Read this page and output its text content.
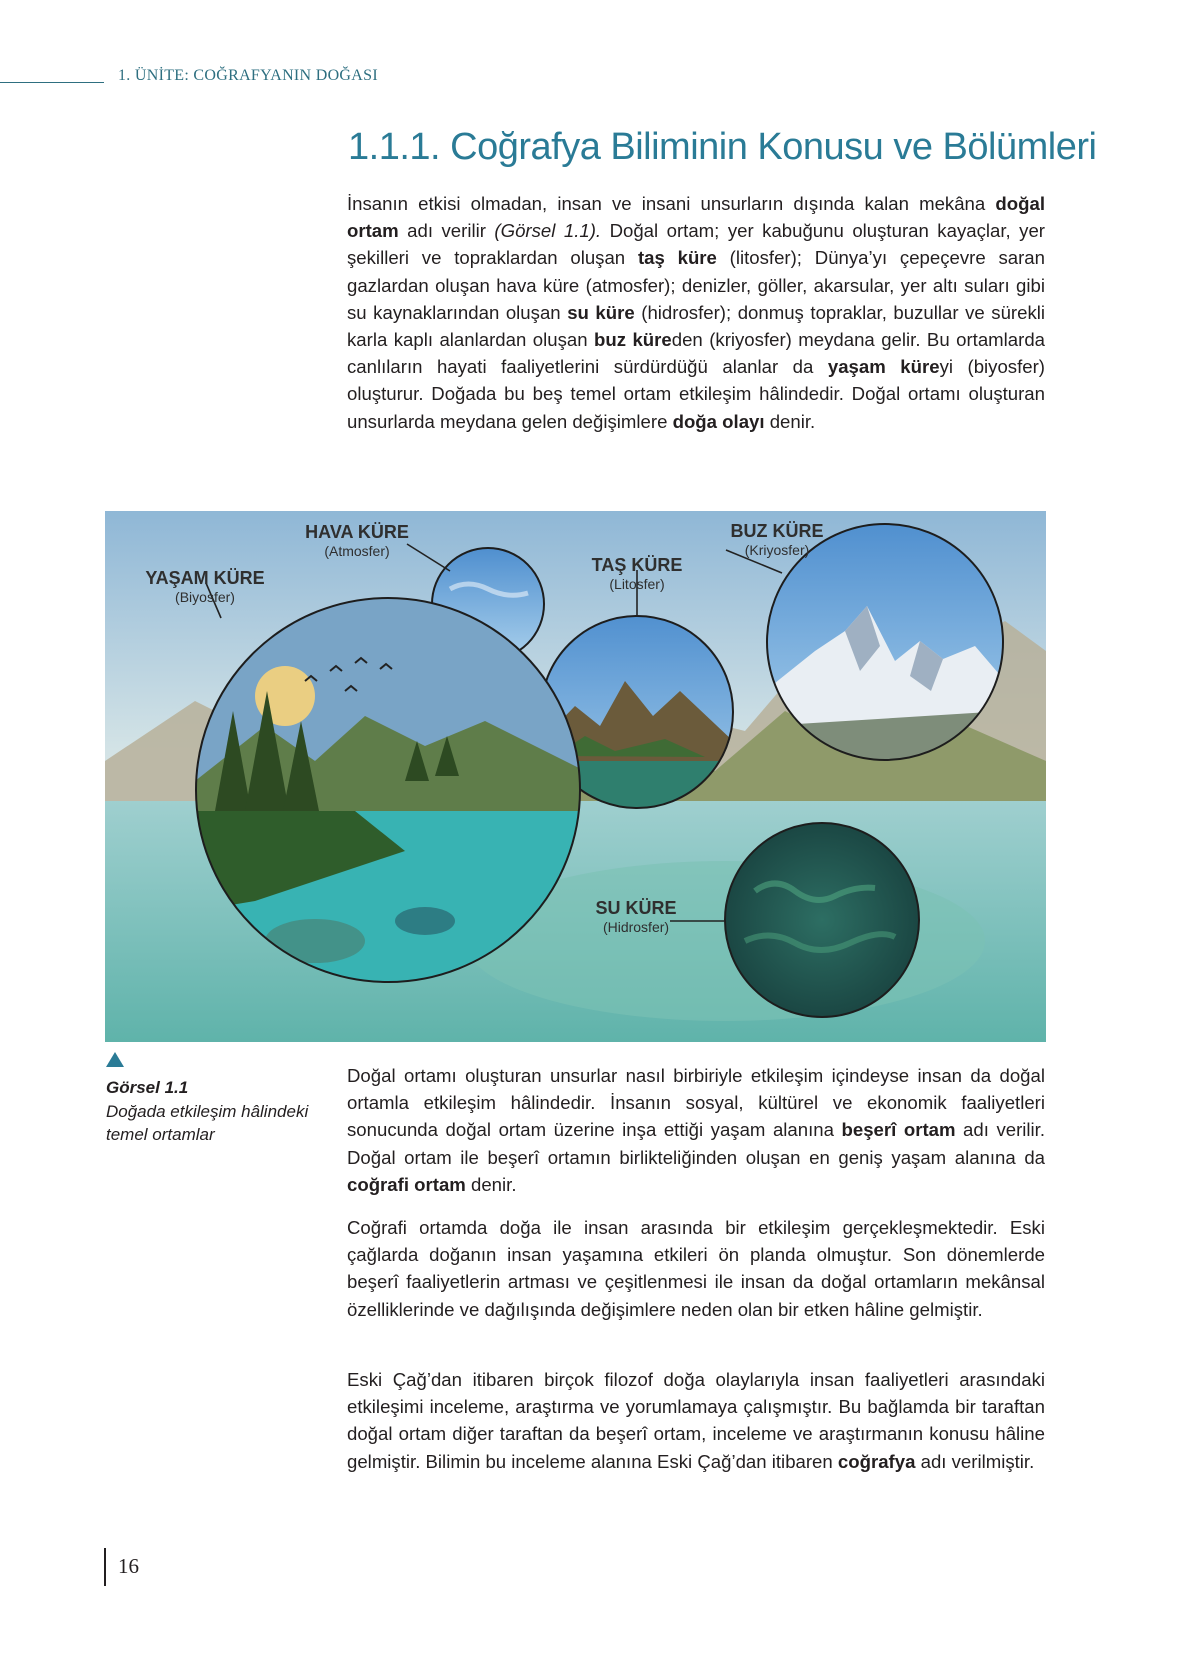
1. ÜNİTE: COĞRAFYANIN DOĞASI
1.1.1. Coğrafya Biliminin Konusu ve Bölümleri

İnsanın etkisi olmadan, insan ve insani unsurların dışında kalan mekâna doğal ortam adı verilir (Görsel 1.1). Doğal ortam; yer kabuğunu oluşturan kayaçlar, yer şekilleri ve topraklardan oluşan taş küre (litosfer); Dünya’yı çepeçevre saran gazlardan oluşan hava küre (atmosfer); denizler, göller, akarsular, yer altı suları gibi su kaynaklarından oluşan su küre (hidrosfer); donmuş topraklar, buzullar ve sürekli karla kaplı alanlardan oluşan buz küreden (kriyosfer) meydana gelir. Bu ortamlarda canlıların hayati faaliyetlerini sürdürdüğü alanlar da yaşam küreyi (biyosfer) oluşturur. Doğada bu beş temel ortam etkileşim hâlindedir. Doğal ortamı oluşturan unsurlarda meydana gelen değişimlere doğa olayı denir.

HAVA KÜRE
(Atmosfer)
YAŞAM KÜRE
(Biyosfer)
TAŞ KÜRE
(Litosfer)
BUZ KÜRE
(Kriyosfer)
SU KÜRE
(Hidrosfer)
Görsel 1.1
Doğada etkileşim hâlindeki temel ortamlar

Doğal ortamı oluşturan unsurlar nasıl birbiriyle etkileşim içindeyse insan da doğal ortamla etkileşim hâlindedir. İnsanın sosyal, kültürel ve ekonomik faaliyetleri sonucunda doğal ortam üzerine inşa ettiği yaşam alanına beşerî ortam adı verilir. Doğal ortam ile beşerî ortamın birlikteliğinden oluşan en geniş yaşam alanına da coğrafi ortam denir.

Coğrafi ortamda doğa ile insan arasında bir etkileşim gerçekleşmektedir. Eski çağlarda doğanın insan yaşamına etkileri ön planda olmuştur. Son dönemlerde beşerî faaliyetlerin artması ve çeşitlenmesi ile insan da doğal ortamların mekânsal özelliklerinde ve dağılışında değişimlere neden olan bir etken hâline gelmiştir.

Eski Çağ’dan itibaren birçok filozof doğa olaylarıyla insan faaliyetleri arasındaki etkileşimi inceleme, araştırma ve yorumlamaya çalışmıştır. Bu bağlamda bir taraftan doğal ortam diğer taraftan da beşerî ortam, inceleme ve araştırmanın konusu hâline gelmiştir. Bilimin bu inceleme alanına Eski Çağ’dan itibaren coğrafya adı verilmiştir.

16
